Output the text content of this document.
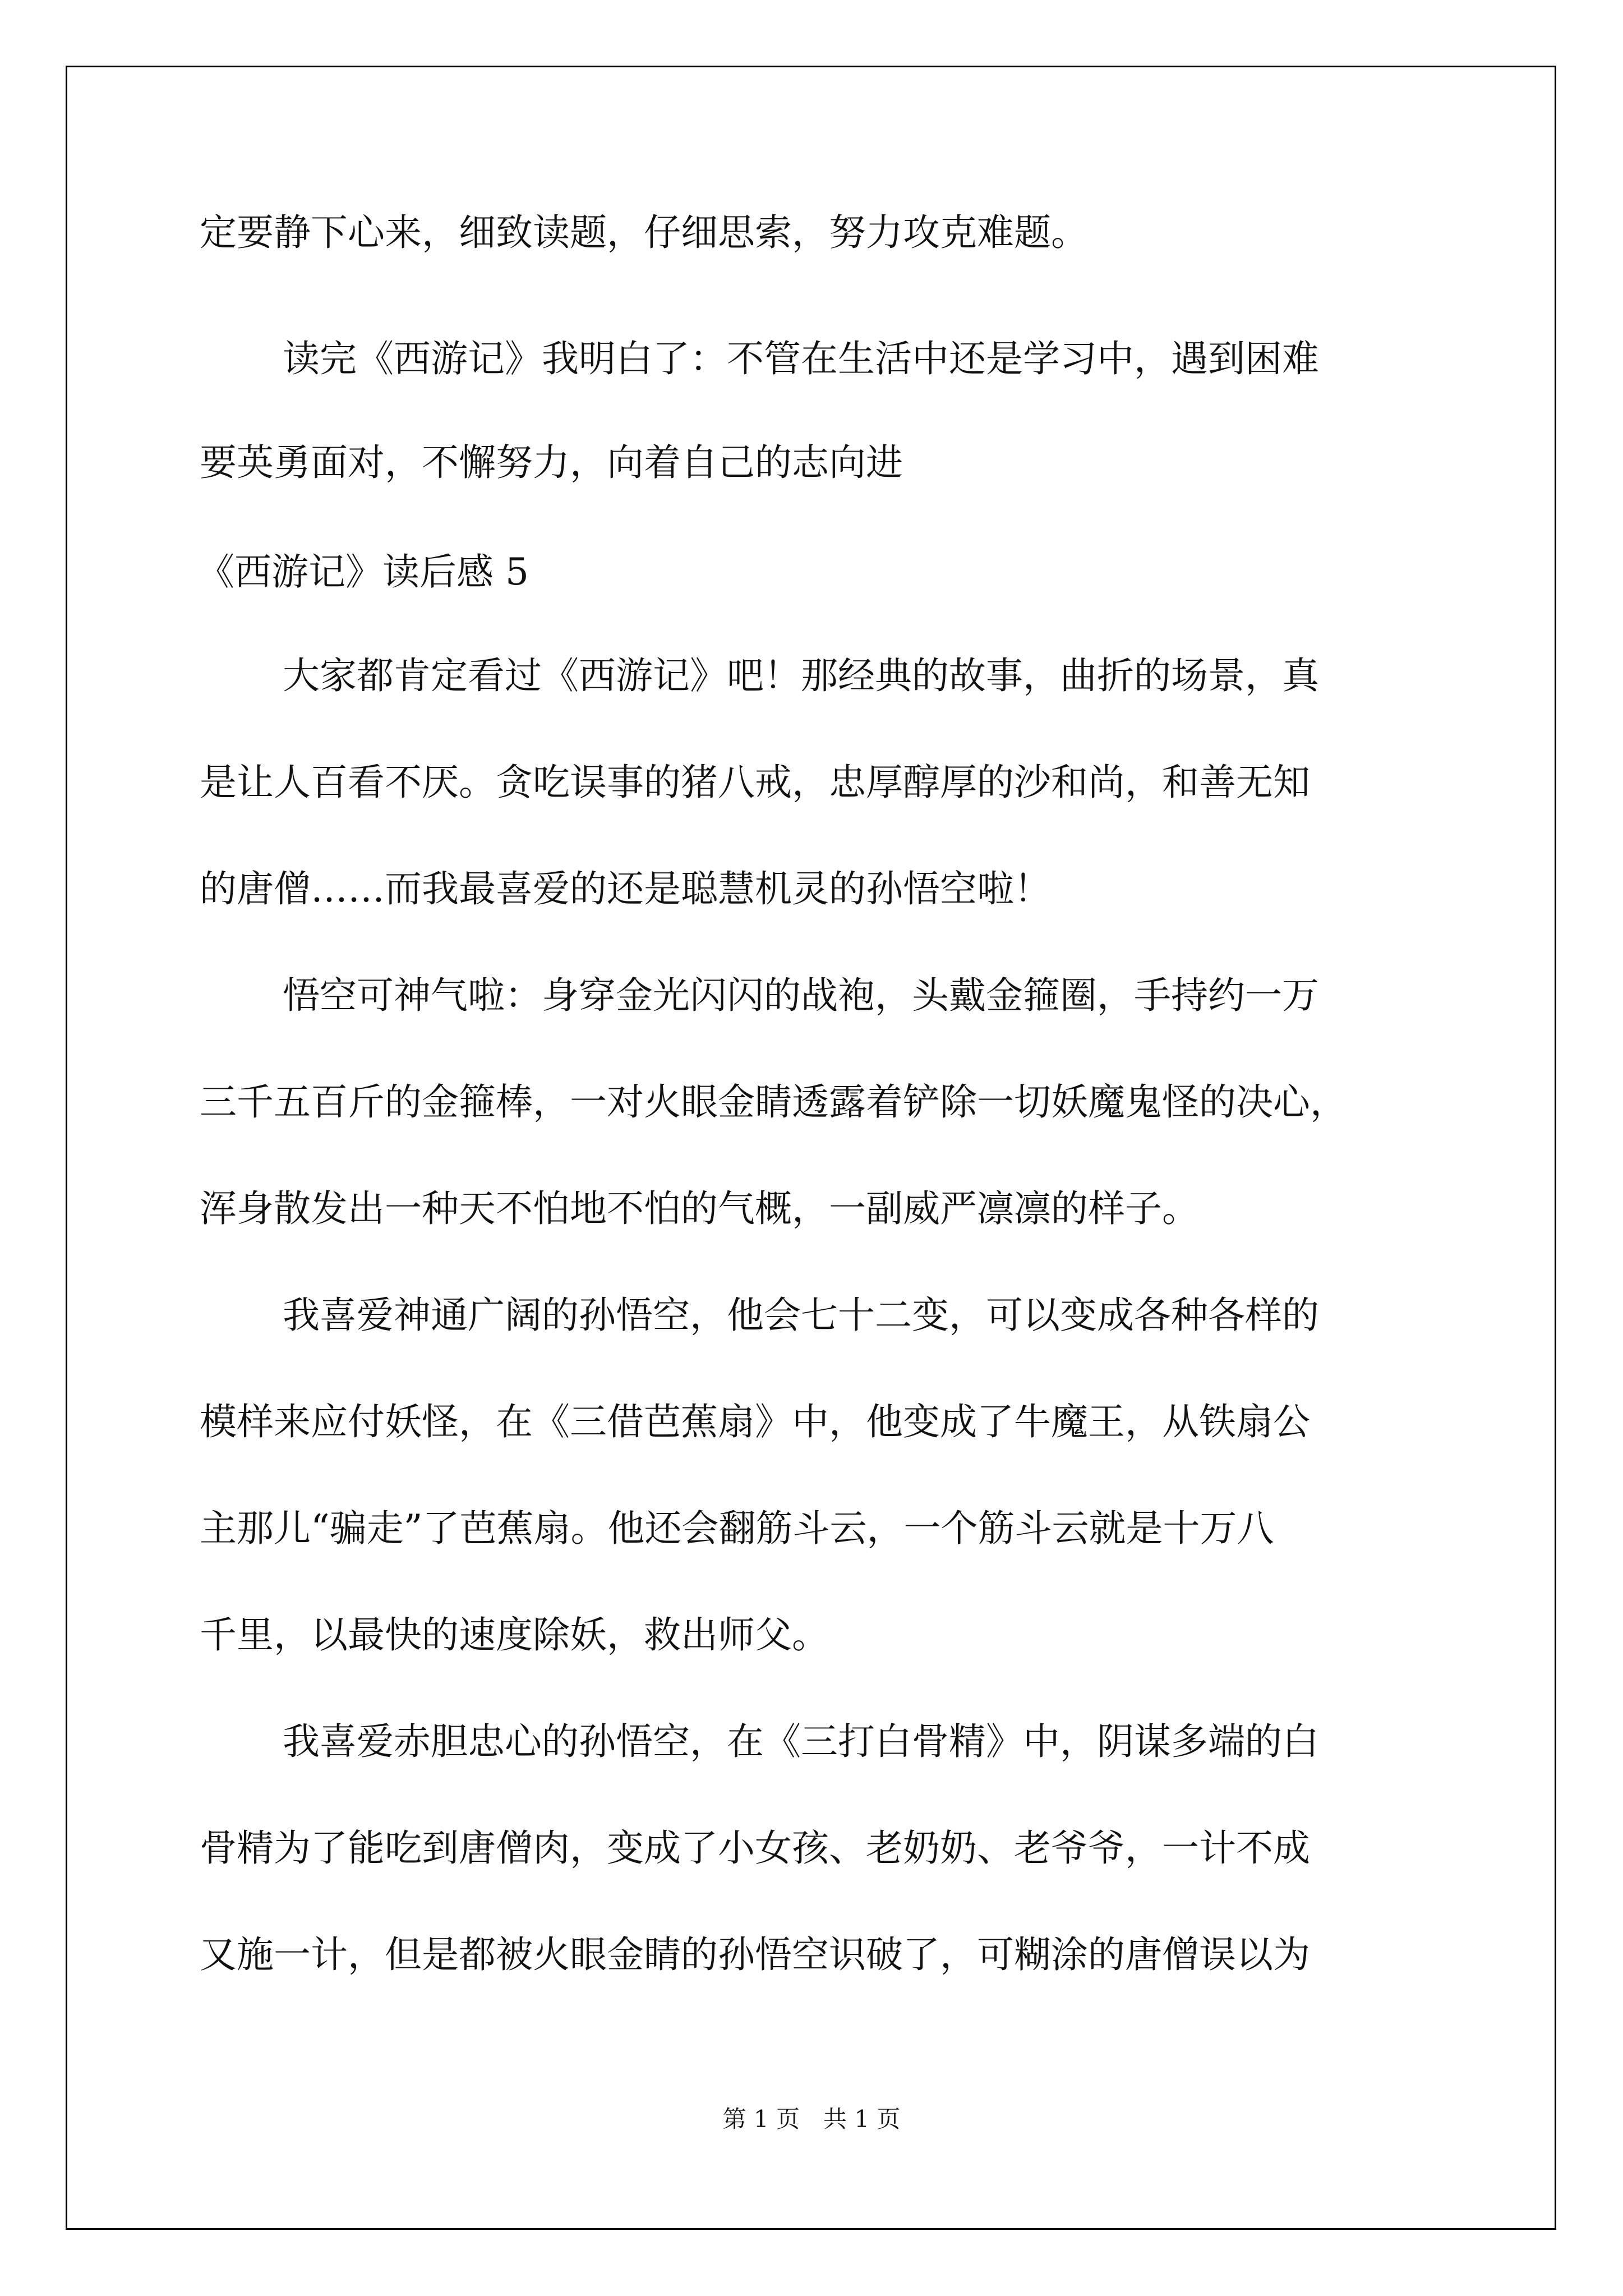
定要静下心来，细致读题，仔细思索，努力攻克难题。

读完《西游记》我明白了：不管在生活中还是学习中，遇到困难

要英勇面对，不懈努力，向着自己的志向进

《西游记》读后感 5

大家都肯定看过《西游记》吧！那经典的故事，曲折的场景，真

是让人百看不厌。贪吃误事的猪八戒，忠厚醇厚的沙和尚，和善无知

的唐僧……而我最喜爱的还是聪慧机灵的孙悟空啦！

悟空可神气啦：身穿金光闪闪的战袍，头戴金箍圈，手持约一万

三千五百斤的金箍棒，一对火眼金睛透露着铲除一切妖魔鬼怪的决心，

浑身散发出一种天不怕地不怕的气概，一副威严凛凛的样子。

我喜爱神通广阔的孙悟空，他会七十二变，可以变成各种各样的

模样来应付妖怪，在《三借芭蕉扇》中，他变成了牛魔王，从铁扇公

主那儿“骗走”了芭蕉扇。他还会翻筋斗云，一个筋斗云就是十万八

千里，以最快的速度除妖，救出师父。

我喜爱赤胆忠心的孙悟空，在《三打白骨精》中，阴谋多端的白

骨精为了能吃到唐僧肉，变成了小女孩、老奶奶、老爷爷，一计不成

又施一计，但是都被火眼金睛的孙悟空识破了，可糊涂的唐僧误以为

第 1 页　共 1 页
